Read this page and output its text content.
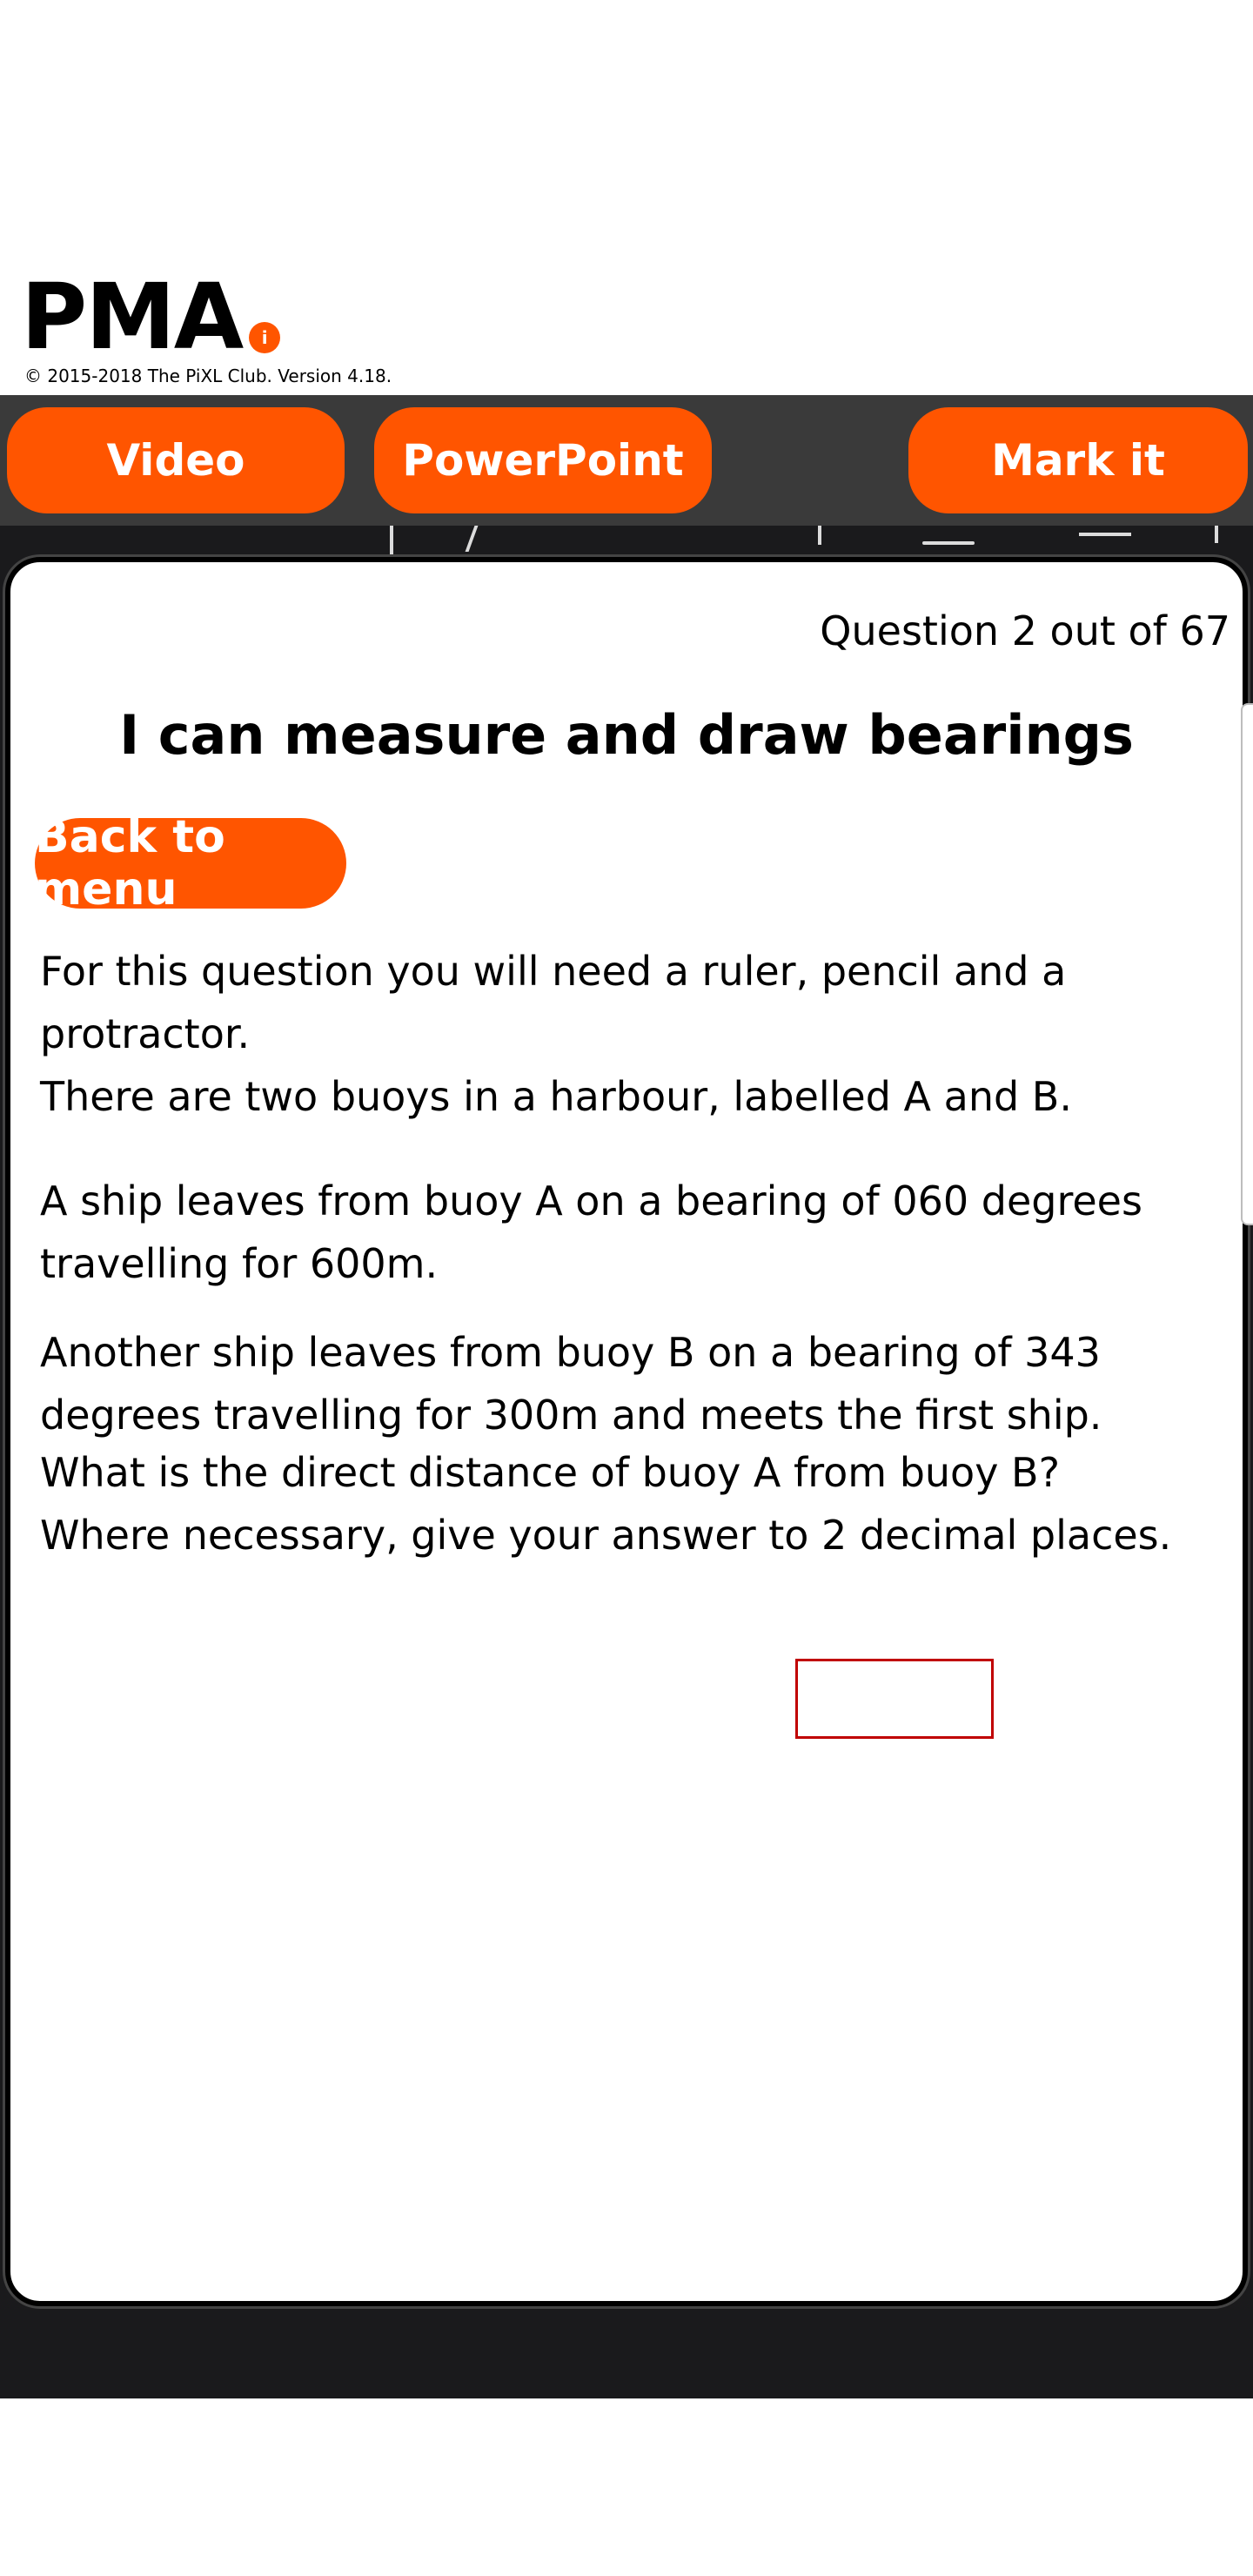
PMA	i
© 2015-2018 The PiXL Club. Version 4.18.
Video	PowerPoint	Mark it
Question 2 out of 67
I can measure and draw bearings
Back to menu
For this question you will need a ruler, pencil and a protractor.
There are two buoys in a harbour, labelled A and B.
A ship leaves from buoy A on a bearing of 060 degrees travelling for 600m.
Another ship leaves from buoy B on a bearing of 343 degrees travelling for 300m and meets the first ship.
What is the direct distance of buoy A from buoy B?
Where necessary, give your answer to 2 decimal places.
